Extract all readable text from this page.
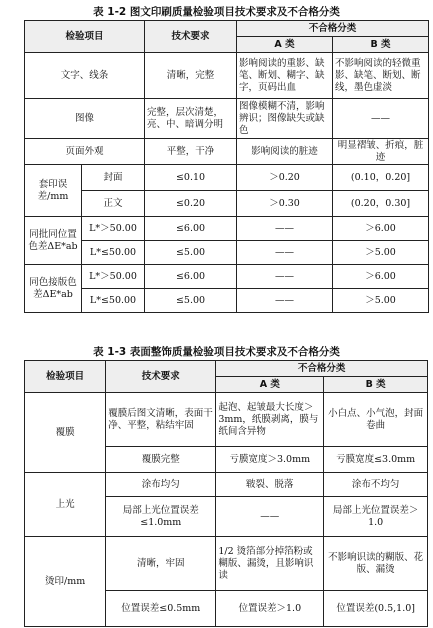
表 1-2 图文印刷质量检验项目技术要求及不合格分类
检验项目		技术要求	不合格分类	
			A 类	B 类
文字、线条		清晰，完整	影响阅读的重影、缺笔、断划、糊字、缺字，页码出血	不影响阅读的轻微重影、缺笔、断划、断线，墨色虚淡
图像		完整，层次清楚，亮、中、暗调分明	图像模糊不清，影响辨识；图像缺失或缺色	——
页面外观		平整，干净	影响阅读的脏迹	明显褶皱、折痕，脏迹
套印误差/mm	封面	≤0.10	＞0.20	(0.10，0.20]
	正文	≤0.20	＞0.30	(0.20，0.30]
同批同位置色差ΔE*ab	L*＞50.00	≤6.00	——	＞6.00
	L*≤50.00	≤5.00	——	＞5.00
同色接版色差ΔE*ab	L*＞50.00	≤6.00	——	＞6.00
	L*≤50.00	≤5.00	——	＞5.00
表 1-3 表面整饰质量检验项目技术要求及不合格分类
检验项目	技术要求	不合格分类	
		A 类	B 类
覆膜	覆膜后图文清晰，表面干净、平整，粘结牢固	起泡、起皱最大长度＞3mm，纸膜剥离，膜与纸间含异物	小白点、小气泡，封面卷曲
	覆膜完整	亏膜宽度＞3.0mm	亏膜宽度≤3.0mm
上光	涂布均匀	皲裂、脱落	涂布不均匀
	局部上光位置误差≤1.0mm	——	局部上光位置误差＞1.0
烫印/mm	清晰，牢固	1/2 烫箔部分掉箔粉或糊版、漏烫，且影响识读	不影响识读的糊版、花版、漏烫
	位置误差≤0.5mm	位置误差＞1.0	位置误差(0.5,1.0]
